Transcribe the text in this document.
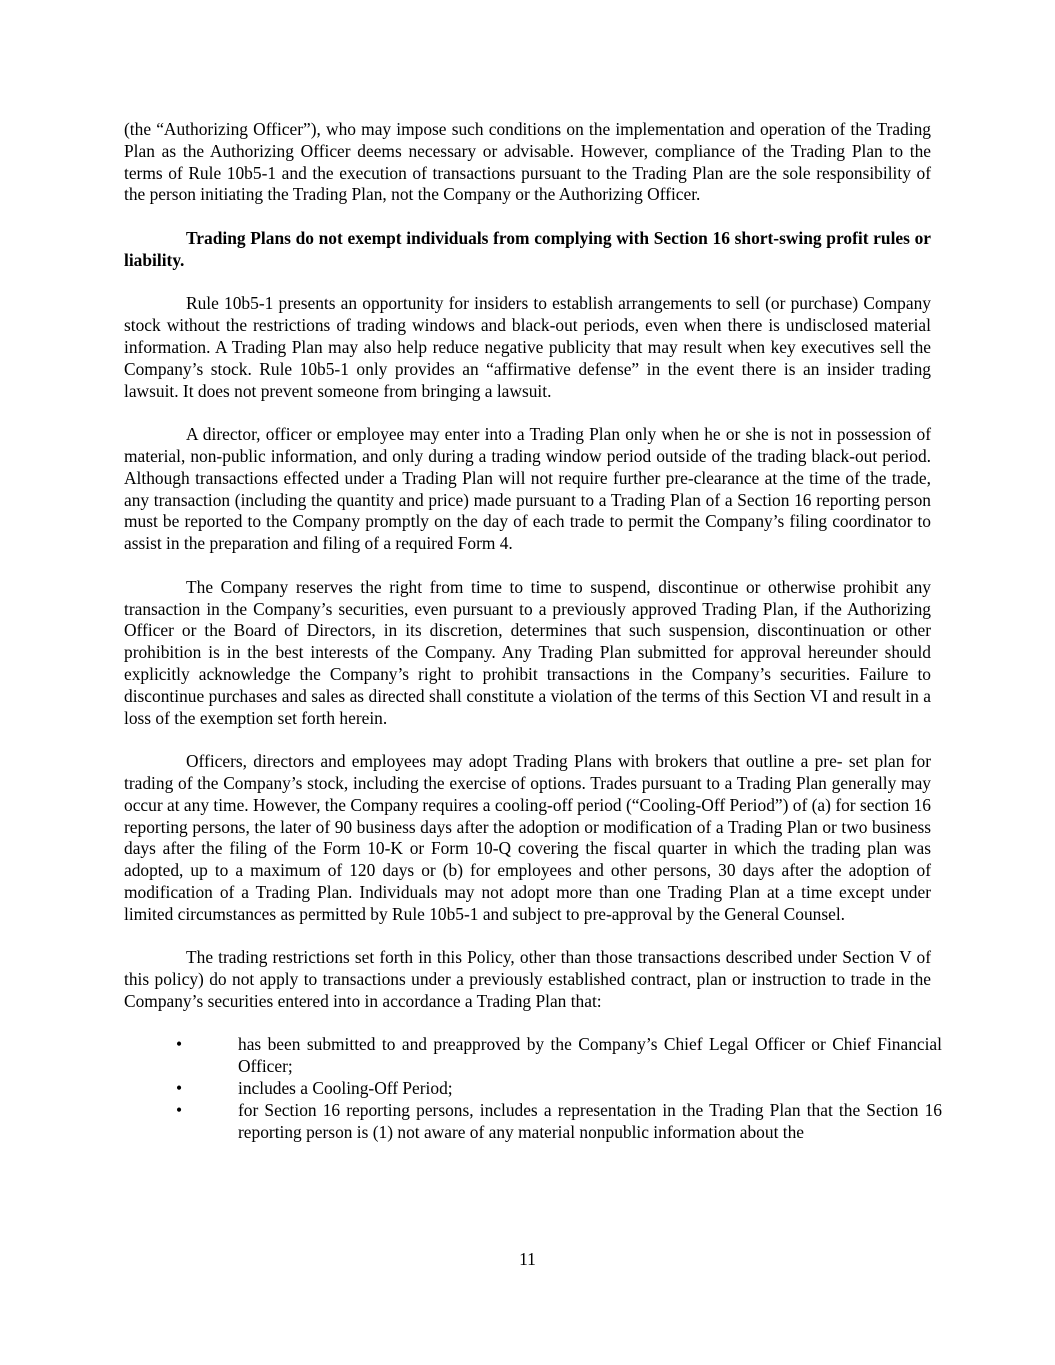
(the “Authorizing Officer”), who may impose such conditions on the implementation and operation of the Trading Plan as the Authorizing Officer deems necessary or advisable. However, compliance of the Trading Plan to the terms of Rule 10b5-1 and the execution of transactions pursuant to the Trading Plan are the sole responsibility of the person initiating the Trading Plan, not the Company or the Authorizing Officer.

Trading Plans do not exempt individuals from complying with Section 16 short-swing profit rules or liability.

Rule 10b5-1 presents an opportunity for insiders to establish arrangements to sell (or purchase) Company stock without the restrictions of trading windows and black-out periods, even when there is undisclosed material information. A Trading Plan may also help reduce negative publicity that may result when key executives sell the Company’s stock. Rule 10b5-1 only provides an “affirmative defense” in the event there is an insider trading lawsuit. It does not prevent someone from bringing a lawsuit.

A director, officer or employee may enter into a Trading Plan only when he or she is not in possession of material, non-public information, and only during a trading window period outside of the trading black-out period. Although transactions effected under a Trading Plan will not require further pre-clearance at the time of the trade, any transaction (including the quantity and price) made pursuant to a Trading Plan of a Section 16 reporting person must be reported to the Company promptly on the day of each trade to permit the Company’s filing coordinator to assist in the preparation and filing of a required Form 4.

The Company reserves the right from time to time to suspend, discontinue or otherwise prohibit any transaction in the Company’s securities, even pursuant to a previously approved Trading Plan, if the Authorizing Officer or the Board of Directors, in its discretion, determines that such suspension, discontinuation or other prohibition is in the best interests of the Company. Any Trading Plan submitted for approval hereunder should explicitly acknowledge the Company’s right to prohibit transactions in the Company’s securities. Failure to discontinue purchases and sales as directed shall constitute a violation of the terms of this Section VI and result in a loss of the exemption set forth herein.

Officers, directors and employees may adopt Trading Plans with brokers that outline a pre- set plan for trading of the Company’s stock, including the exercise of options. Trades pursuant to a Trading Plan generally may occur at any time. However, the Company requires a cooling-off period (“Cooling-Off Period”) of (a) for section 16 reporting persons, the later of 90 business days after the adoption or modification of a Trading Plan or two business days after the filing of the Form 10-K or Form 10-Q covering the fiscal quarter in which the trading plan was adopted, up to a maximum of 120 days or (b) for employees and other persons, 30 days after the adoption of modification of a Trading Plan. Individuals may not adopt more than one Trading Plan at a time except under limited circumstances as permitted by Rule 10b5-1 and subject to pre-approval by the General Counsel.

The trading restrictions set forth in this Policy, other than those transactions described under Section V of this policy) do not apply to transactions under a previously established contract, plan or instruction to trade in the Company’s securities entered into in accordance a Trading Plan that:

•	has been submitted to and preapproved by the Company’s Chief Legal Officer or Chief Financial Officer;
•	includes a Cooling-Off Period;
•	for Section 16 reporting persons, includes a representation in the Trading Plan that the Section 16 reporting person is (1) not aware of any material nonpublic information about the
11
